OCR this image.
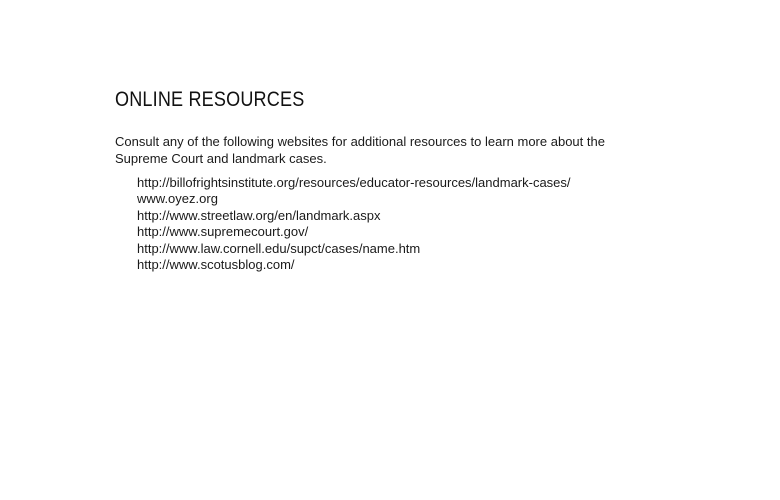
ONLINE RESOURCES

Consult any of the following websites for additional resources to learn more about the Supreme Court and landmark cases.

http://billofrightsinstitute.org/resources/educator-resources/landmark-cases/
www.oyez.org
http://www.streetlaw.org/en/landmark.aspx
http://www.supremecourt.gov/
http://www.law.cornell.edu/supct/cases/name.htm
http://www.scotusblog.com/
